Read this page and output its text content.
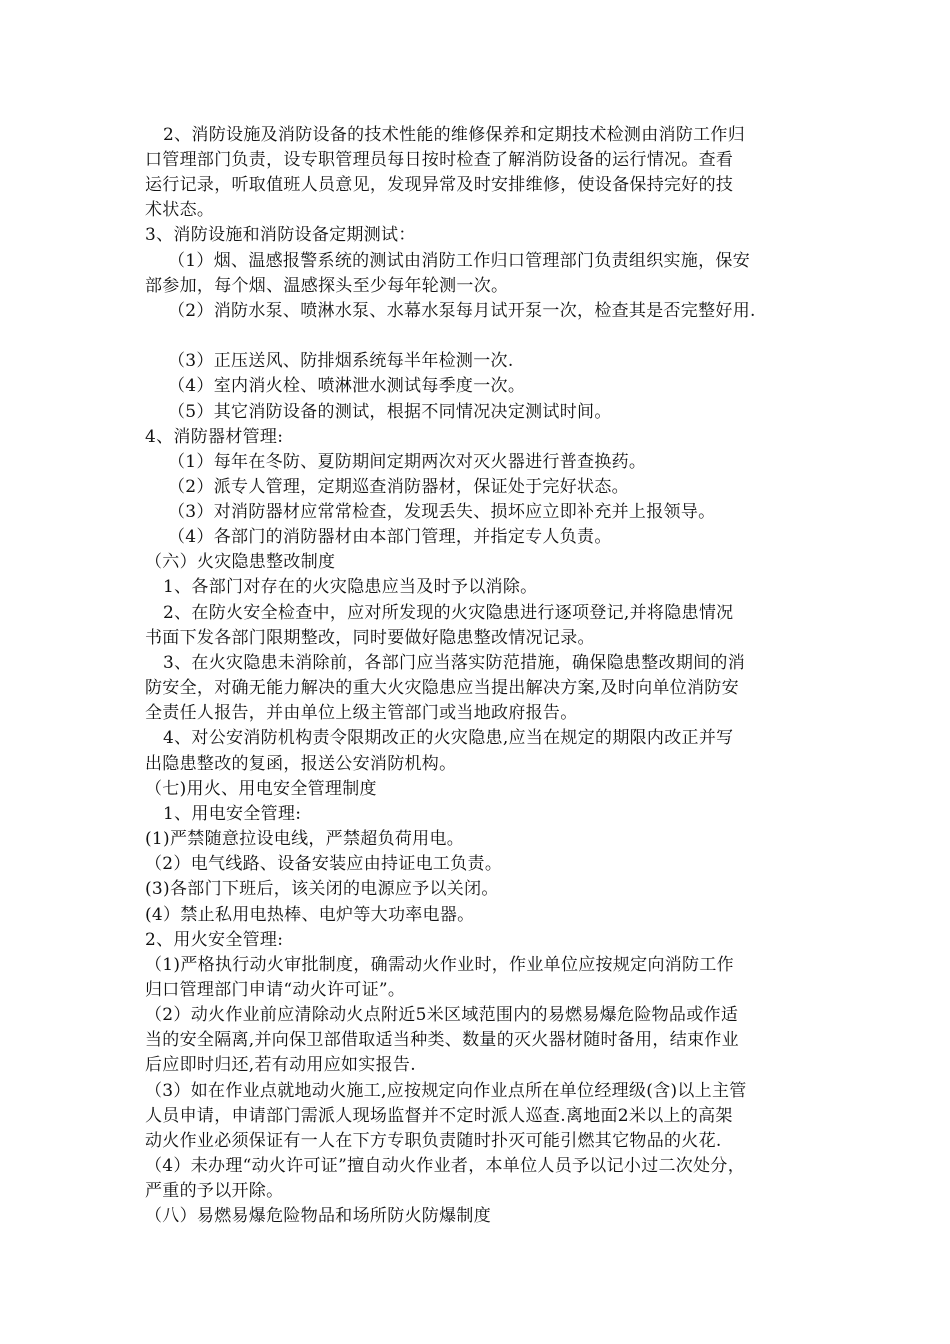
2、消防设施及消防设备的技术性能的维修保养和定期技术检测由消防工作归
口管理部门负责，设专职管理员每日按时检查了解消防设备的运行情况。查看
运行记录，听取值班人员意见，发现异常及时安排维修，使设备保持完好的技
术状态。
3、消防设施和消防设备定期测试：
（1）烟、温感报警系统的测试由消防工作归口管理部门负责组织实施，保安
部参加，每个烟、温感探头至少每年轮测一次。
（2）消防水泵、喷淋水泵、水幕水泵每月试开泵一次，检查其是否完整好用.
（3）正压送风、防排烟系统每半年检测一次.
（4）室内消火栓、喷淋泄水测试每季度一次。
（5）其它消防设备的测试，根据不同情况决定测试时间。
4、消防器材管理:
（1）每年在冬防、夏防期间定期两次对灭火器进行普查换药。
（2）派专人管理，定期巡查消防器材，保证处于完好状态。
（3）对消防器材应常常检查，发现丢失、损坏应立即补充并上报领导。
（4）各部门的消防器材由本部门管理，并指定专人负责。
（六）火灾隐患整改制度
1、各部门对存在的火灾隐患应当及时予以消除。
2、在防火安全检查中，应对所发现的火灾隐患进行逐项登记,并将隐患情况
书面下发各部门限期整改，同时要做好隐患整改情况记录。
3、在火灾隐患未消除前，各部门应当落实防范措施，确保隐患整改期间的消
防安全，对确无能力解决的重大火灾隐患应当提出解决方案,及时向单位消防安
全责任人报告，并由单位上级主管部门或当地政府报告。
4、对公安消防机构责令限期改正的火灾隐患,应当在规定的期限内改正并写
出隐患整改的复函，报送公安消防机构。
（七)用火、用电安全管理制度
1、用电安全管理:
(1)严禁随意拉设电线，严禁超负荷用电。
（2）电气线路、设备安装应由持证电工负责。
(3)各部门下班后，该关闭的电源应予以关闭。
(4）禁止私用电热棒、电炉等大功率电器。
2、用火安全管理:
（1)严格执行动火审批制度，确需动火作业时，作业单位应按规定向消防工作
归口管理部门申请“动火许可证”。
（2）动火作业前应清除动火点附近5米区域范围内的易燃易爆危险物品或作适
当的安全隔离,并向保卫部借取适当种类、数量的灭火器材随时备用，结束作业
后应即时归还,若有动用应如实报告.
（3）如在作业点就地动火施工,应按规定向作业点所在单位经理级(含)以上主管
人员申请，申请部门需派人现场监督并不定时派人巡查.离地面2米以上的高架
动火作业必须保证有一人在下方专职负责随时扑灭可能引燃其它物品的火花.
（4）未办理“动火许可证”擅自动火作业者，本单位人员予以记小过二次处分，
严重的予以开除。
（八）易燃易爆危险物品和场所防火防爆制度
